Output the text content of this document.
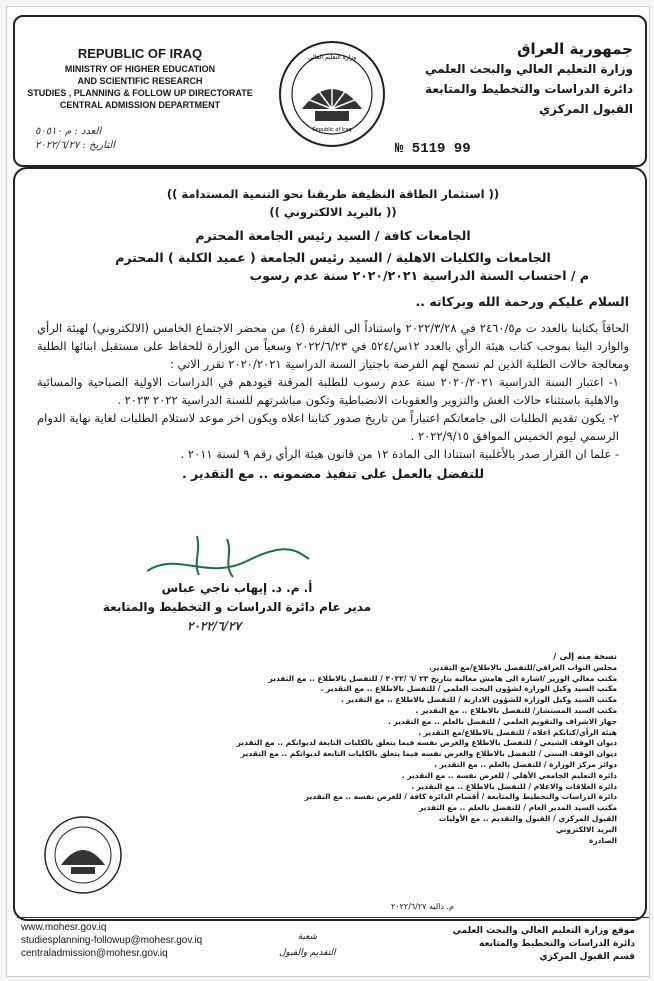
REPUBLIC OF IRAQ
MINISTRY OF HIGHER EDUCATION
AND SCIENTIFIC RESEARCH
STUDIES , PLANNING & FOLLOW UP DIRECTORATE
CENTRAL ADMISSION DEPARTMENT
Republic of Iraq
وزارة التعليم العالي	جمهورية العراق
وزارة التعليم العالي والبحث العلمي
دائرة الدراسات والتخطيط والمتابعة
القبول المركزي
العدد : م ٥٠٥١٠
التاريخ : ٢٠٢٢/٦/٢٧	№ 5119 99
(( استثمار الطاقة النظيفة طريقنا نحو التنمية المستدامة ))
(( بالبريد الالكتروني ))
الجامعات كافة / السيد رئيس الجامعة المحترم
الجامعات والكليات الاهلية / السيد رئيس الجامعة ( عميد الكلية ) المحترم
م / احتساب السنة الدراسية ٢٠٢٠/٢٠٢١ سنة عدم رسوب
السلام عليكم ورحمة الله وبركاته ..
الحاقاً بكتابنا بالعدد ت م٢٤٦٠/٥ في ٢٠٢٢/٣/٢٨ واستناداً الى الفقرة (٤) من محضر الاجتماع الخامس (الالكتروني) لهيئة الرأي والوارد الينا بموجب كتاب هيئة الرأي بالعدد ١٢س/٥٢٤ في ٢٠٢٢/٦/٢٣ وسعياً من الوزارة للحفاظ على مستقبل ابنائها الطلبة ومعالجة حالات الطلبة الذين لم تسمح لهم الفرصة باجتياز السنة الدراسية ٢٠٢٠/٢٠٢١ تقرر الاتي :
١- اعتبار السنة الدراسية ٢٠٢٠/٢٠٢١ سنة عدم رسوب للطلبة المرقنة قيودهم في الدراسات الاولية الصباحية والمسائية والاهلية باستثناء حالات الغش والتزوير والعقوبات الانضباطية وتكون مباشرتهم للسنة الدراسية ٢٠٢٢ ٢٠٢٣ .
٢- يكون تقديم الطلبات الى جامعاتكم اعتباراً من تاريخ صدور كتابنا اعلاه ويكون اخر موعد لاستلام الطلبات لغاية نهاية الدوام الرسمي ليوم الخميس الموافق ٢٠٢٢/٩/١٥ .
- علما ان القرار صدر بالأغلبية استنادا الى المادة ١٢ من قانون هيئة الرأي رقم ٩ لسنة ٢٠١١ .
للتفضل بالعمل على تنفيذ مضمونه .. مع التقدير .
أ. م. د. إيهاب ناجي عباس
مدير عام دائرة الدراسات و التخطيط والمتابعة
٢٠٢٢/٦/٢٧
نسخة منه إلى /
مجلس النواب العراقي/للتفضل بالاطلاع/مع التقدير.
مكتب معالي الوزير /اشارة الى هامش معاليه بتاريخ ٢٣ /٦ /٢٠٢٢ / للتفضل بالاطلاع .. مع التقدير
مكتب السيد وكيل الوزارة لشؤون البحث العلمي / للتفضل بالاطلاع .. مع التقدير .
مكتب السيد وكيل الوزارة للشؤون الادارية / للتفضل بالاطلاع .. مع التقدير .
مكتب السيد المستشار/ للتفضل بالاطلاع .. مع التقدير .
جهاز الاشراف والتقويم العلمي / للتفضل بالعلم .. مع التقدير .
هيئة الرأي/كتابكم اعلاه / للتفضل بالاطلاع/مع التقدير .
ديوان الوقف الشيعي / للتفضل بالاطلاع والغرض نفسه فيما يتعلق بالكليات التابعة لديوانكم .. مع التقدير
ديوان الوقف السني / للتفضل بالاطلاع والغرض نفسه فيما يتعلق بالكليات التابعة لديوانكم .. مع التقدير
دوائر مركز الوزارة / للتفضل بالعلم .. مع التقدير .
دائرة التعليم الجامعي الأهلي / للغرض نفسه .. مع التقدير .
دائرة العلاقات والاعلام / للتفضل بالاطلاع .. مع التقدير .
دائرة الدراسات والتخطيط والمتابعة / أقسام الدائرة كافة / للغرض نفسه .. مع التقدير
مكتب السيد المدير العام / للتفضل بالعلم .. مع التقدير
القبول المركزي / القبول والتقديم .. مع الأوليات
البريد الالكتروني
الصادرة
م. داليه ٢٠٢٢/٦/٢٧
www.mohesr.gov.iq
studiesplanning-followup@mohesr.gov.iq
centraladmission@mohesr.gov.iq
شعبة
التقديم والقبول
موقع وزارة التعليم العالي والبحث العلمي
دائرة الدراسات والتخطيط والمتابعة
قسم القبول المركزي
